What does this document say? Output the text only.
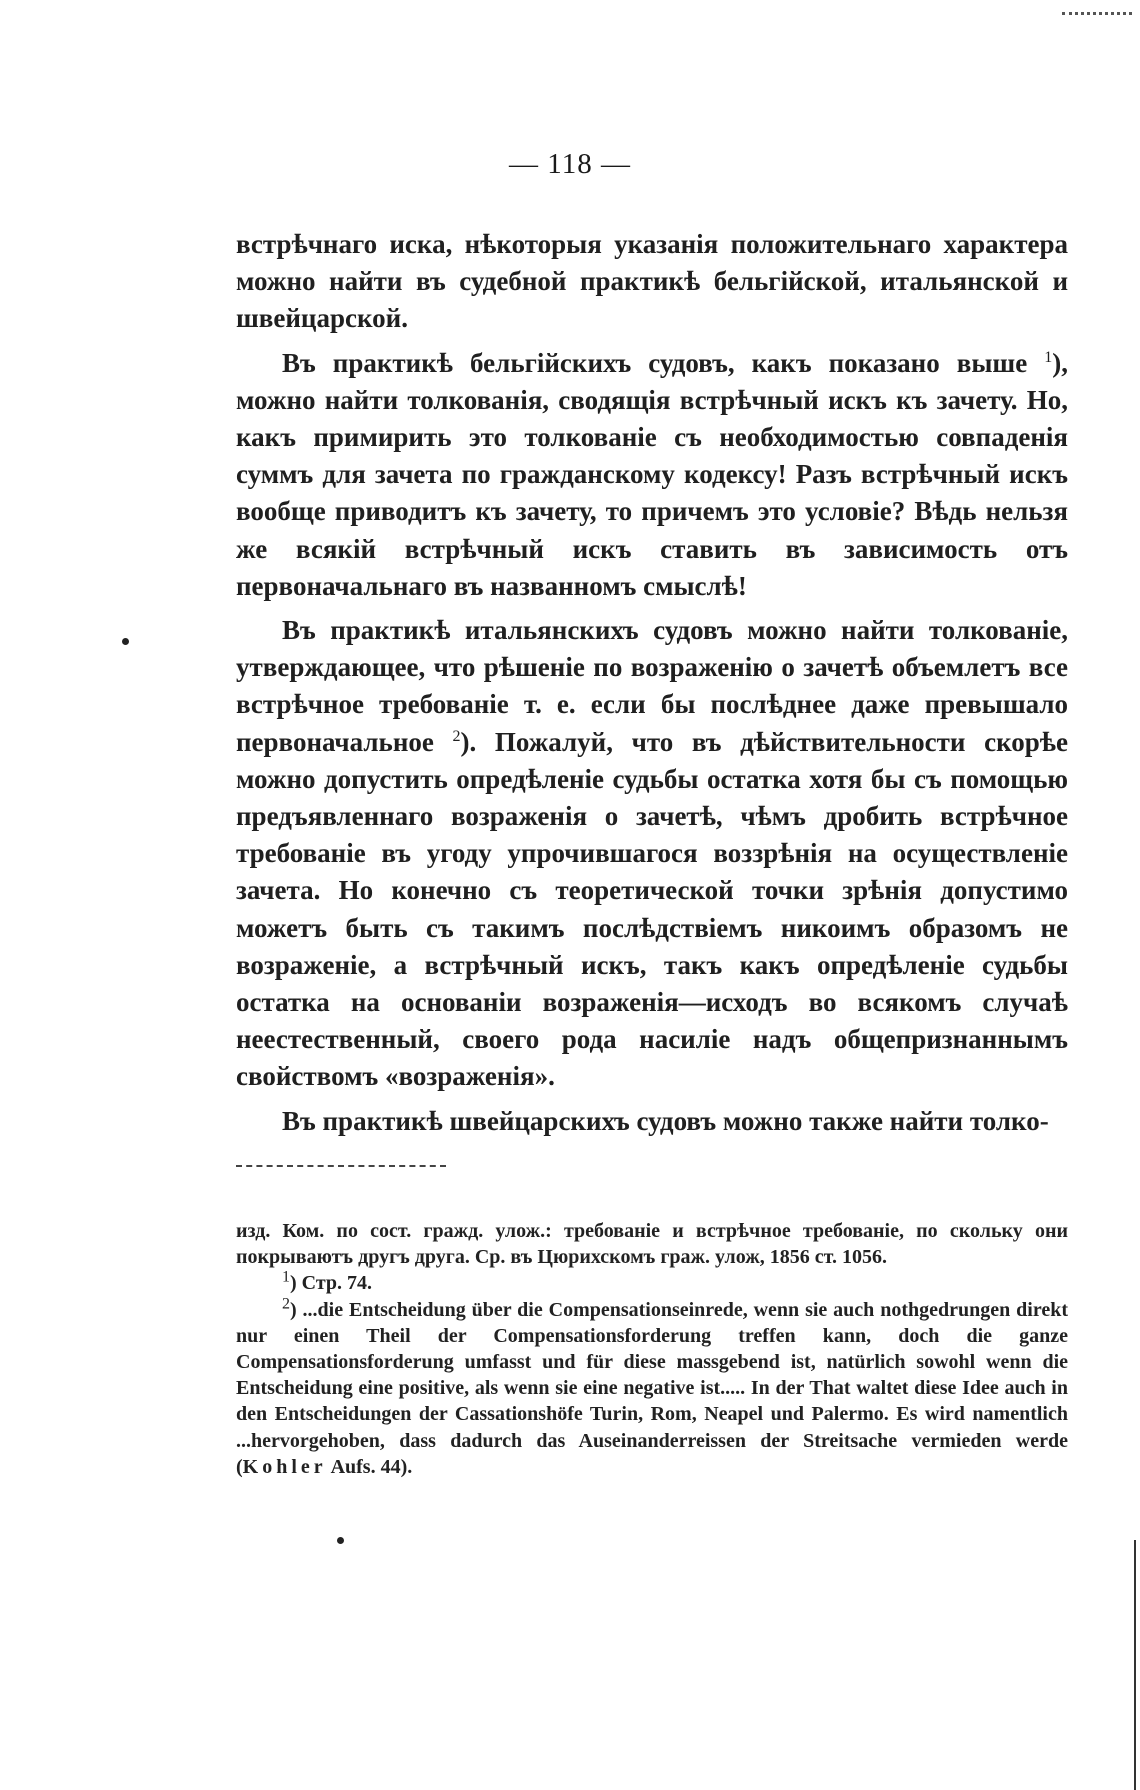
— 118 —

встрѣчнаго иска, нѣкоторыя указанія положительнаго характера можно найти въ судебной практикѣ бельгійской, итальянской и швейцарской.

Въ практикѣ бельгійскихъ судовъ, какъ показано выше $^1$), можно найти толкованія, сводящія встрѣчный искъ къ зачету. Но, какъ примирить это толкованіе съ необходимостью совпаденія суммъ для зачета по гражданскому кодексу! Разъ встрѣчный искъ вообще приводитъ къ зачету, то причемъ это условіе? Вѣдь нельзя же всякій встрѣчный искъ ставить въ зависимость отъ первоначальнаго въ названномъ смыслѣ!

Въ практикѣ итальянскихъ судовъ можно найти толкованіе, утверждающее, что рѣшеніе по возраженію о зачетѣ объемлетъ все встрѣчное требованіе т. е. если бы послѣднее даже превышало первоначальное $^2$). Пожалуй, что въ дѣйствительности скорѣе можно допустить опредѣленіе судьбы остатка хотя бы съ помощью предъявленнаго возраженія о зачетѣ, чѣмъ дробить встрѣчное требованіе въ угоду упрочившагося воззрѣнія на осуществленіе зачета. Но конечно съ теоретической точки зрѣнія допустимо можетъ быть съ такимъ послѣдствіемъ никоимъ образомъ не возраженіе, а встрѣчный искъ, такъ какъ опредѣленіе судьбы остатка на основаніи возраженія—исходъ во всякомъ случаѣ неестественный, своего рода насиліе надъ общепризнаннымъ свойствомъ «возраженія».

Въ практикѣ швейцарскихъ судовъ можно также найти толко-

изд. Ком. по сост. гражд. улож.: требованіе и встрѣчное требованіе, по скольку они покрываютъ другъ друга. Ср. въ Цюрихскомъ граж. улож, 1856 ст. 1056.

$^1$) Стр. 74.

$^2$) ...die Entscheidung über die Compensationseinrede, wenn sie auch nothgedrungen direkt nur einen Theil der Compensationsforderung treffen kann, doch die ganze Compensationsforderung umfasst und für diese massgebend ist, natürlich sowohl wenn die Entscheidung eine positive, als wenn sie eine negative ist..... In der That waltet diese Idee auch in den Entscheidungen der Cassationshöfe Turin, Rom, Neapel und Palermo. Es wird namentlich ...hervorgehoben, dass dadurch das Auseinanderreissen der Streitsache vermieden werde (Kohler Aufs. 44).
